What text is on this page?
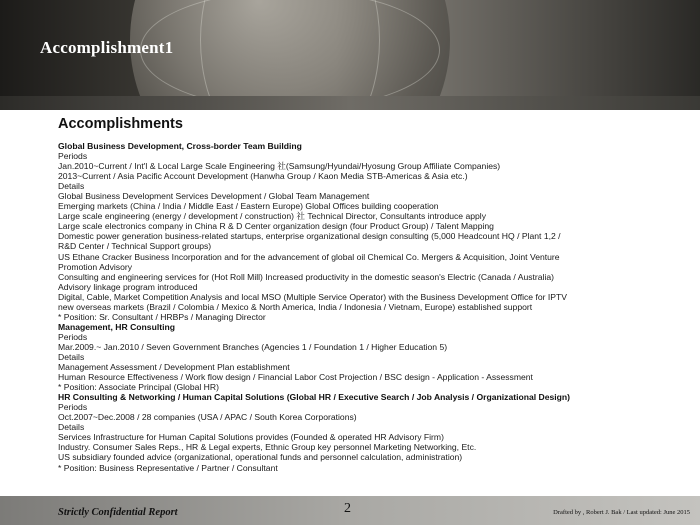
Accomplishment1
Accomplishments
Global Business Development, Cross-border Team Building
Periods
Jan.2010~Current / Int'l & Local Large Scale Engineering 社(Samsung/Hyundai/Hyosung Group Affiliate Companies)
2013~Current / Asia Pacific Account Development (Hanwha Group / Kaon Media STB-Americas & Asia etc.)
Details
Global Business Development Services Development / Global Team Management
Emerging markets (China / India / Middle East / Eastern Europe) Global Offices building cooperation
Large scale engineering (energy / development / construction) 社 Technical Director, Consultants introduce apply
Large scale electronics company in China R & D Center organization design (four Product Group) / Talent Mapping
Domestic power generation business-related startups, enterprise organizational design consulting (5,000 Headcount HQ / Plant 1,2 /
R&D Center / Technical Support groups)
US Ethane Cracker Business Incorporation and for the advancement of global oil Chemical Co. Mergers & Acquisition, Joint Venture
Promotion Advisory
Consulting and engineering services for (Hot Roll Mill) Increased productivity in the domestic season's Electric (Canada / Australia)
Advisory linkage program introduced
Digital, Cable, Market Competition Analysis and local MSO (Multiple Service Operator) with the Business Development Office for IPTV
new overseas markets (Brazil / Colombia / Mexico & North America, India / Indonesia / Vietnam, Europe) established support
* Position: Sr. Consultant / HRBPs / Managing Director
Management, HR Consulting
Periods
Mar.2009.~ Jan.2010 / Seven Government Branches (Agencies 1 / Foundation 1 / Higher Education 5)
Details
Management Assessment / Development Plan establishment
Human Resource Effectiveness / Work flow design / Financial Labor Cost Projection / BSC design - Application - Assessment
* Position: Associate Principal (Global HR)
HR Consulting & Networking / Human Capital Solutions (Global HR / Executive Search / Job Analysis / Organizational Design)
Periods
Oct.2007~Dec.2008 / 28 companies (USA / APAC / South Korea Corporations)
Details
Services Infrastructure for Human Capital Solutions provides (Founded & operated HR Advisory Firm)
Industry. Consumer Sales Reps., HR & Legal experts, Ethnic Group key personnel Marketing Networking, Etc.
US subsidiary founded advice (organizational, operational funds and personnel calculation, administration)
* Position: Business Representative / Partner / Consultant
Strictly Confidential Report	2	Drafted by , Robert J. Bak / Last updated: June 2015
